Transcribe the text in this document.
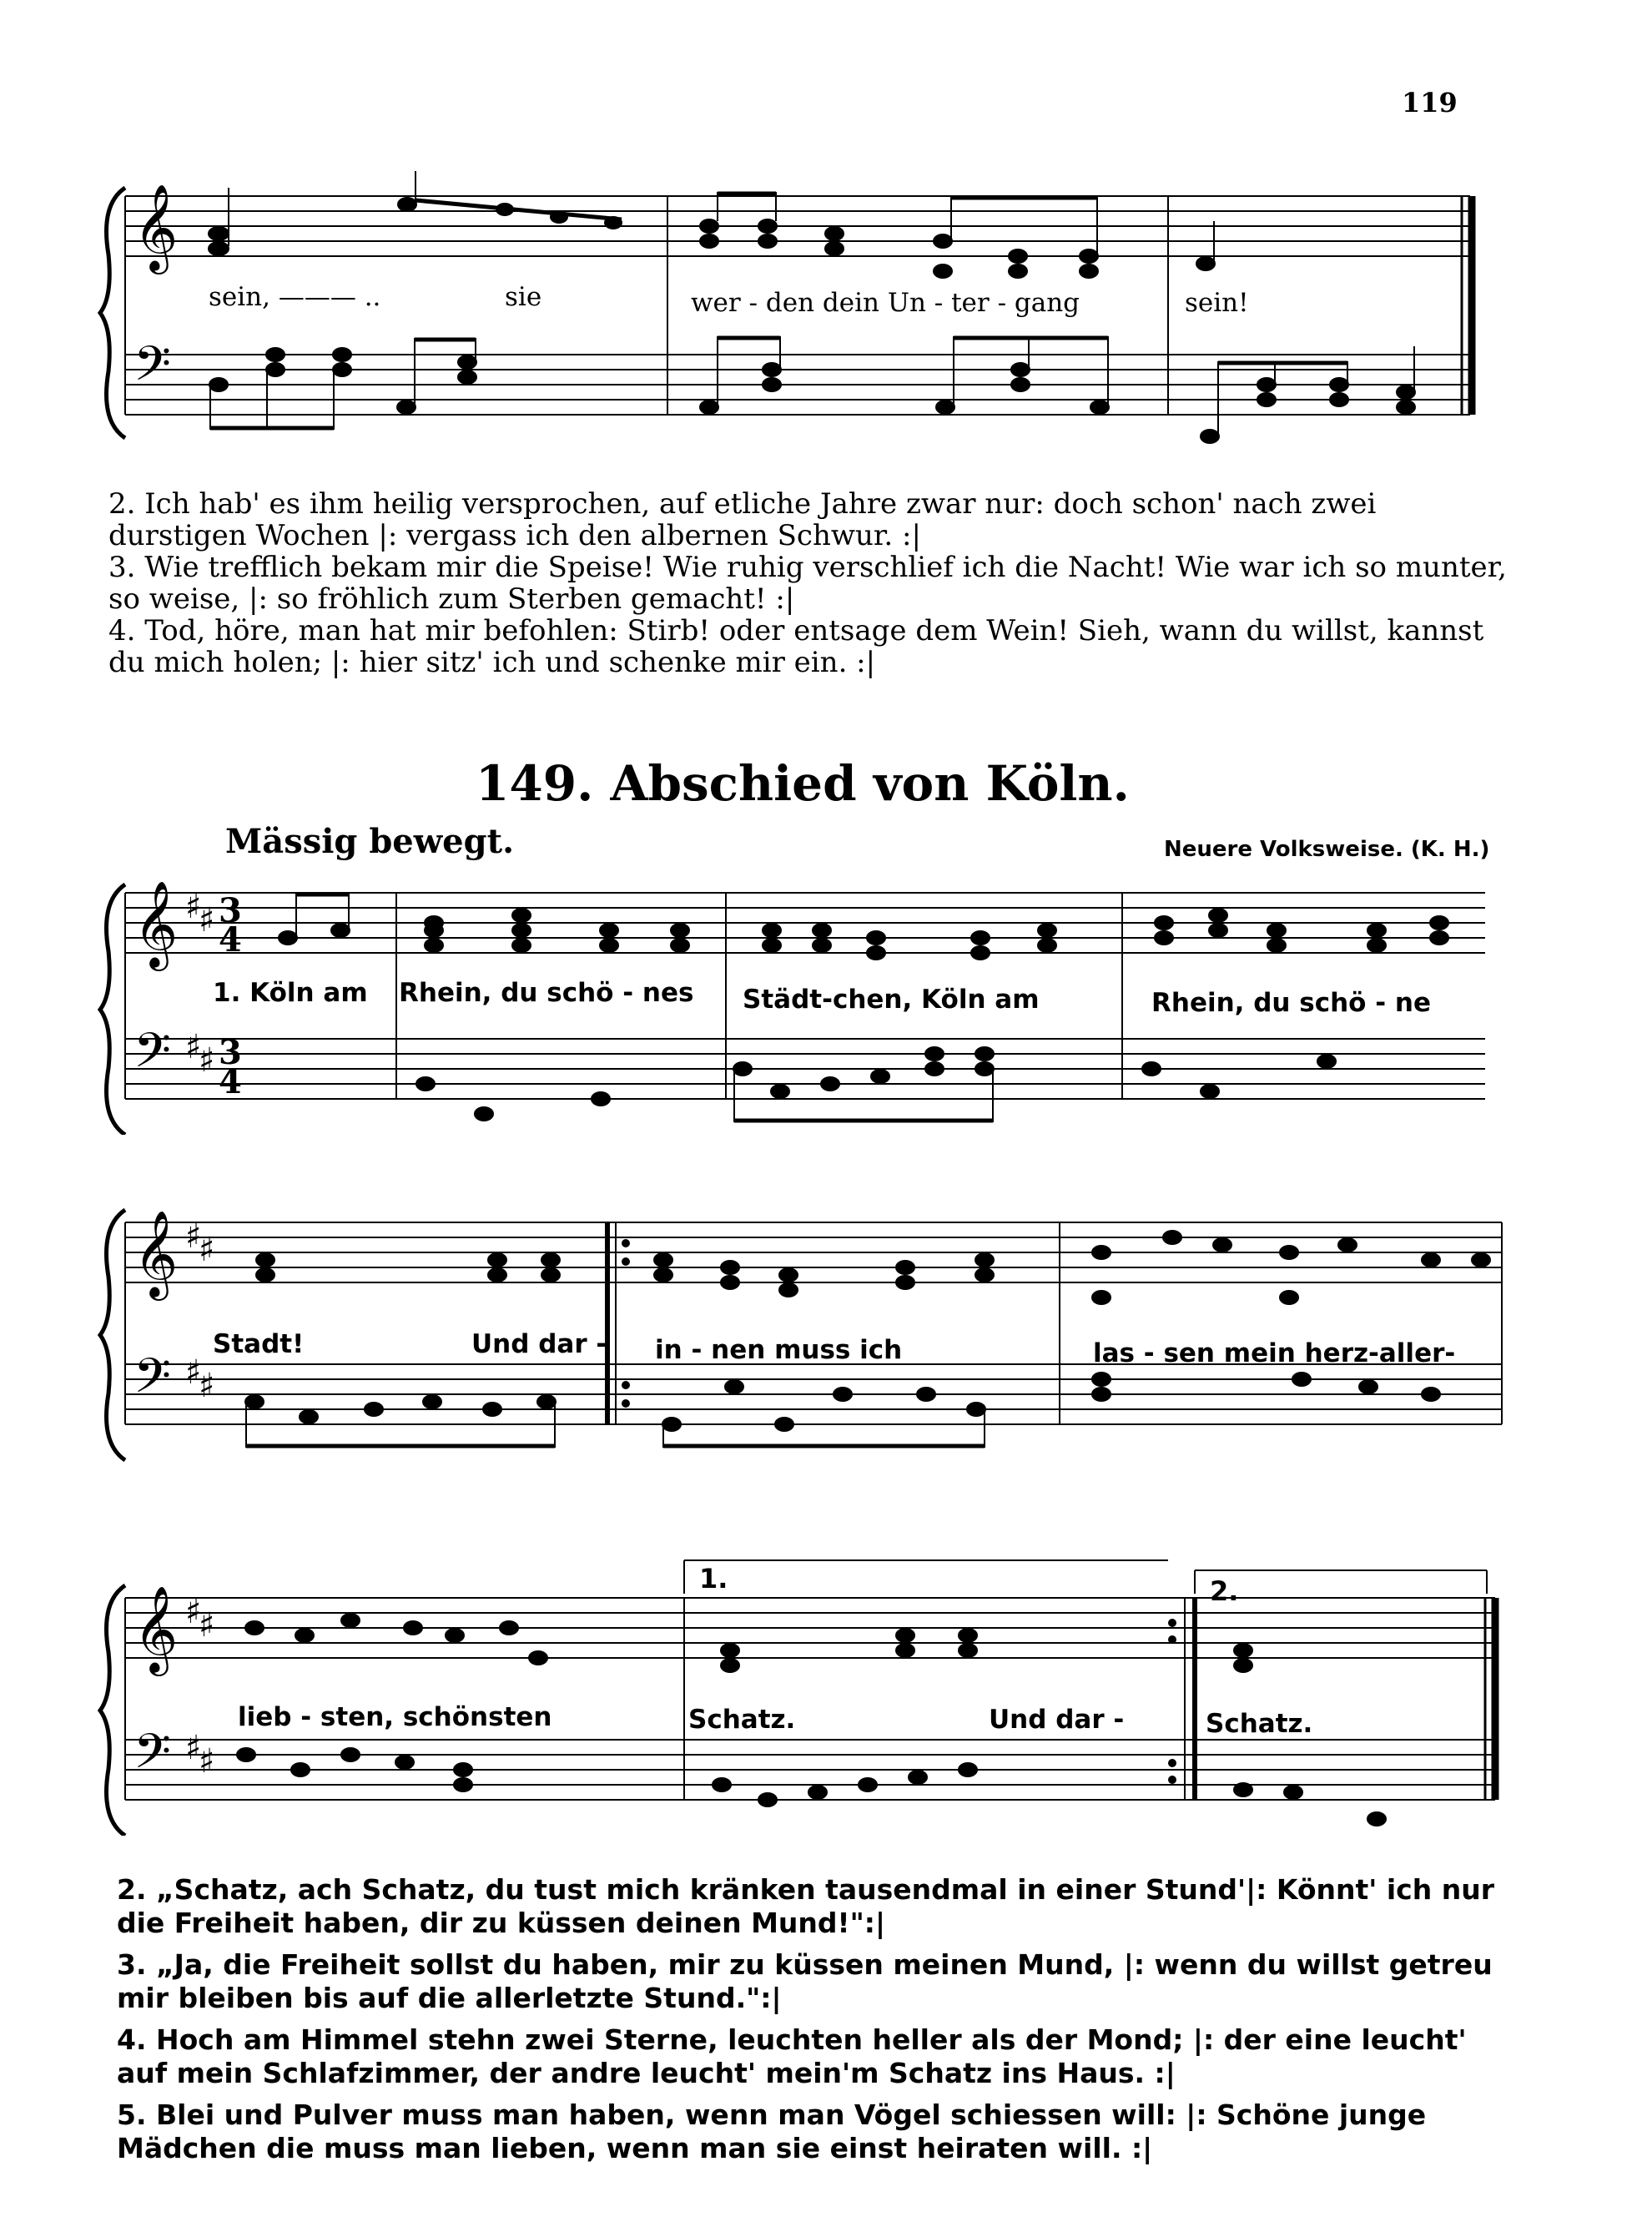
119
𝄞
𝄢
sein, ——— ..	sie	wer - den dein Un - ter - gang	sein!

2. Ich hab' es ihm heilig versprochen, auf etliche Jahre zwar nur: doch schon' nach zwei durstigen Wochen |: vergass ich den albernen Schwur. :|

3. Wie trefflich bekam mir die Speise! Wie ruhig verschlief ich die Nacht! Wie war ich so munter, so weise, |: so fröhlich zum Sterben gemacht! :|

4. Tod, höre, man hat mir befohlen: Stirb! oder entsage dem Wein! Sieh, wann du willst, kannst du mich holen; |: hier sitz' ich und schenke mir ein. :|

149. Abschied von Köln.
Mässig bewegt.	Neuere Volksweise. (K. H.)
𝄞
𝄢
♯
♯
♯
♯
3
4
3
4
1. Köln am Rhein, du schö - nes Städt-chen, Köln am	Rhein, du schö - ne
𝄞
𝄢
♯
♯
♯
♯
Stadt!	Und dar - in - nen muss ich	las - sen mein herz-aller-
𝄞
𝄢
♯
♯
♯
♯
1.	2.
lieb - sten, schönsten	Schatz.	Und dar -	Schatz.

2. „Schatz, ach Schatz, du tust mich kränken tausendmal in einer Stund'|: Könnt' ich nur die Freiheit haben, dir zu küssen deinen Mund!":|

3. „Ja, die Freiheit sollst du haben, mir zu küssen meinen Mund, |: wenn du willst getreu mir bleiben bis auf die allerletzte Stund.":|

4. Hoch am Himmel stehn zwei Sterne, leuchten heller als der Mond; |: der eine leucht' auf mein Schlafzimmer, der andre leucht' mein'm Schatz ins Haus. :|

5. Blei und Pulver muss man haben, wenn man Vögel schiessen will: |: Schöne junge Mädchen die muss man lieben, wenn man sie einst heiraten will. :|
